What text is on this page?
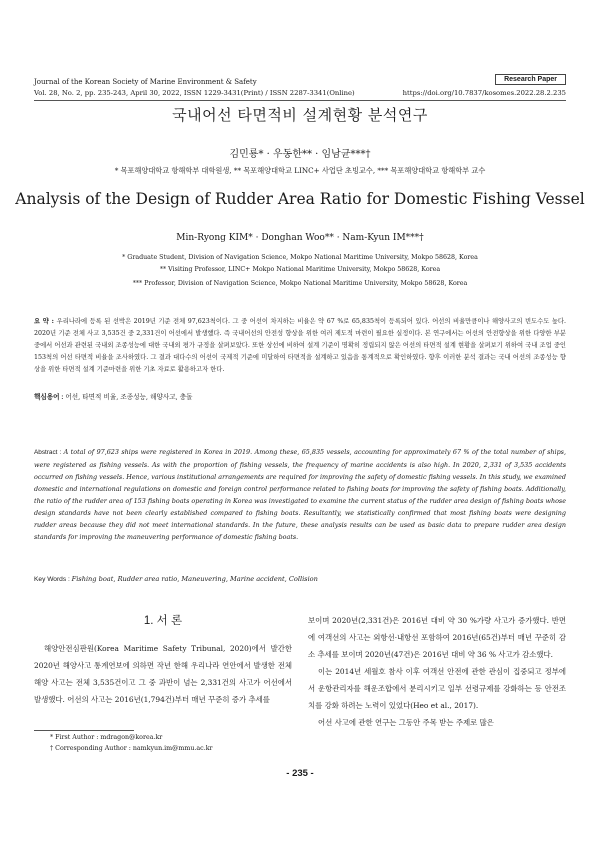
Journal of the Korean Society of Marine Environment & Safety	Research Paper
Vol. 28, No. 2, pp. 235-243, April 30, 2022, ISSN 1229-3431(Print) / ISSN 2287-3341(Online)	https://doi.org/10.7837/kosomes.2022.28.2.235
국내어선 타면적비 설계현황 분석연구
김민룡* · 우동한** · 임남균***†
* 목포해양대학교 항해학부 대학원생, ** 목포해양대학교 LINC+ 사업단 초빙교수, *** 목포해양대학교 항해학부 교수
Analysis of the Design of Rudder Area Ratio for Domestic Fishing Vessel
Min-Ryong KIM* · Donghan Woo** · Nam-Kyun IM***†
* Graduate Student, Division of Navigation Science, Mokpo National Maritime University, Mokpo 58628, Korea
** Visiting Professor, LINC+ Mokpo National Maritime University, Mokpo 58628, Korea
*** Professor, Division of Navigation Science, Mokpo National Maritime University, Mokpo 58628, Korea
요 약 : 우리나라에 등록 된 선박은 2019년 기준 전체 97,623척이다. 그 중 어선이 차지하는 비율은 약 67 %로 65,835척이 등록되어 있다. 어선의 비율만큼이나 해양사고의 빈도수도 높다. 2020년 기준 전체 사고 3,535건 중 2,331건이 어선에서 발생했다. 즉 국내어선의 안전성 향상을 위한 여러 제도적 마련이 필요한 실정이다. 본 연구에서는 어선의 안전향상을 위한 다양한 부분 중에서 어선과 관련된 국내외 조종성능에 대한 국내외 평가 규정을 살펴보았다. 또한 상선에 비하여 설계 기준이 명확히 정립되지 않은 어선의 타면적 설계 현황을 살펴보기 위하여 국내 조업 중인 153척의 어선 타면적 비율을 조사하였다. 그 결과 대다수의 어선이 국제적 기준에 미달하여 타면적을 설계하고 있음을 통계적으로 확인하였다. 향후 이러한 분석 결과는 국내 어선의 조종성능 향상을 위한 타면적 설계 기준마련을 위한 기초 자료로 활용하고자 한다.
핵심용어 : 어선, 타면적 비율, 조종성능, 해양사고, 충돌
Abstract : A total of 97,623 ships were registered in Korea in 2019. Among these, 65,835 vessels, accounting for approximately 67 % of the total number of ships, were registered as fishing vessels. As with the proportion of fishing vessels, the frequency of marine accidents is also high. In 2020, 2,331 of 3,535 accidents occurred on fishing vessels. Hence, various institutional arrangements are required for improving the safety of domestic fishing vessels. In this study, we examined domestic and international regulations on domestic and foreign control performance related to fishing boats for improving the safety of fishing boats. Additionally, the ratio of the rudder area of 153 fishing boats operating in Korea was investigated to examine the current status of the rudder area design of fishing boats whose design standards have not been clearly established compared to fishing boats. Resultantly, we statistically confirmed that most fishing boats were designing rudder areas because they did not meet international standards. In the future, these analysis results can be used as basic data to prepare rudder area design standards for improving the maneuvering performance of domestic fishing boats.
Key Words : Fishing boat, Rudder area ratio, Maneuvering, Marine accident, Collision
1. 서 론

해양안전심판원(Korea Maritime Safety Tribunal, 2020)에서 발간한 2020년 해양사고 통계연보에 의하면 작년 한해 우리나라 연안에서 발생한 전체 해양 사고는 전체 3,535건이고 그 중 과반이 넘는 2,331건의 사고가 어선에서 발생했다. 어선의 사고는 2016년(1,794건)부터 매년 꾸준히 증가 추세를

보이며 2020년(2,331건)은 2016년 대비 약 30 %가량 사고가 증가했다. 반면에 여객선의 사고는 외항선·내항선 포함하여 2016년(65건)부터 매년 꾸준히 감소 추세를 보이며 2020년(47건)은 2016년 대비 약 36 % 사고가 감소했다.

이는 2014년 세월호 참사 이후 여객선 안전에 관한 관심이 집중되고 정부에서 운항관리자를 해운조합에서 분리시키고 일부 선령규제를 강화하는 등 안전조치를 강화 하려는 노력이 있었다(Heo et al., 2017).

어선 사고에 관한 연구는 그동안 주목 받는 주제로 많은

* First Author : mdragon@korea.kr
† Corresponding Author : namkyun.im@mmu.ac.kr
- 235 -
